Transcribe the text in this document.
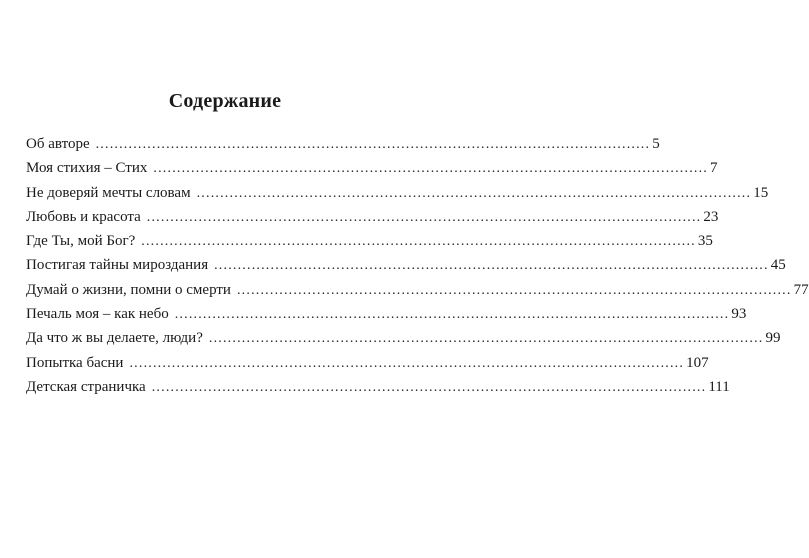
Содержание
Об авторе ...................................................................................................................... 5
Моя стихия – Стих ...................................................................................................................... 7
Не доверяй мечты словам ...................................................................................................................... 15
Любовь и красота ...................................................................................................................... 23
Где Ты, мой Бог? ...................................................................................................................... 35
Постигая тайны мироздания ...................................................................................................................... 45
Думай о жизни, помни о смерти ...................................................................................................................... 77
Печаль моя – как небо ...................................................................................................................... 93
Да что ж вы делаете, люди? ...................................................................................................................... 99
Попытка басни ...................................................................................................................... 107
Детская страничка ...................................................................................................................... 111
